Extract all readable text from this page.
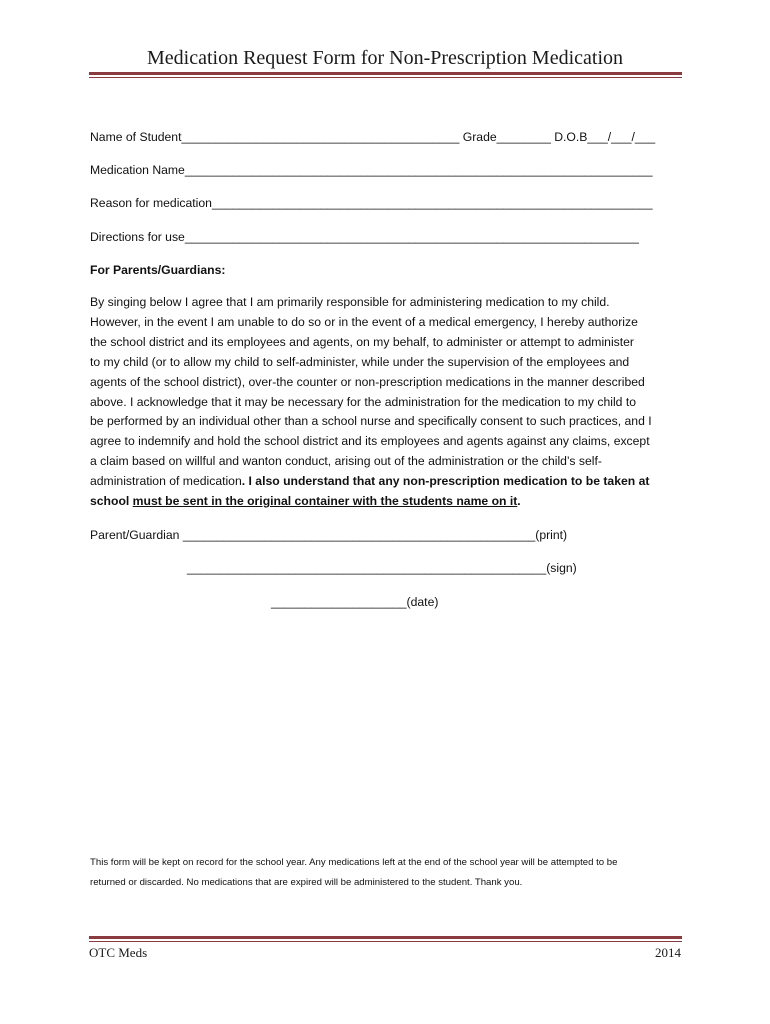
Medication Request Form for Non-Prescription Medication
Name of Student_________________________________________ Grade________ D.O.B___/___/___
Medication Name_____________________________________________________________________
Reason for medication_________________________________________________________________
Directions for use___________________________________________________________________
For Parents/Guardians:
By singing below I agree that I am primarily responsible for administering medication to my child.
However, in the event I am unable to do so or in the event of a medical emergency, I hereby authorize
the school district and its employees and agents, on my behalf, to administer or attempt to administer
to my child (or to allow my child to self-administer, while under the supervision of the employees and
agents of the school district), over-the counter or non-prescription medications in the manner described
above. I acknowledge that it may be necessary for the administration for the medication to my child to
be performed by an individual other than a school nurse and specifically consent to such practices, and I
agree to indemnify and hold the school district and its employees and agents against any claims, except
a claim based on willful and wanton conduct, arising out of the administration or the child’s self-
administration of medication. I also understand that any non-prescription medication to be taken at
school must be sent in the original container with the students name on it.
Parent/Guardian ____________________________________________________(print)
_____________________________________________________(sign)
____________________(date)
This form will be kept on record for the school year. Any medications left at the end of the school year will be attempted to be
returned or discarded. No medications that are expired will be administered to the student. Thank you.
OTC Meds	2014
